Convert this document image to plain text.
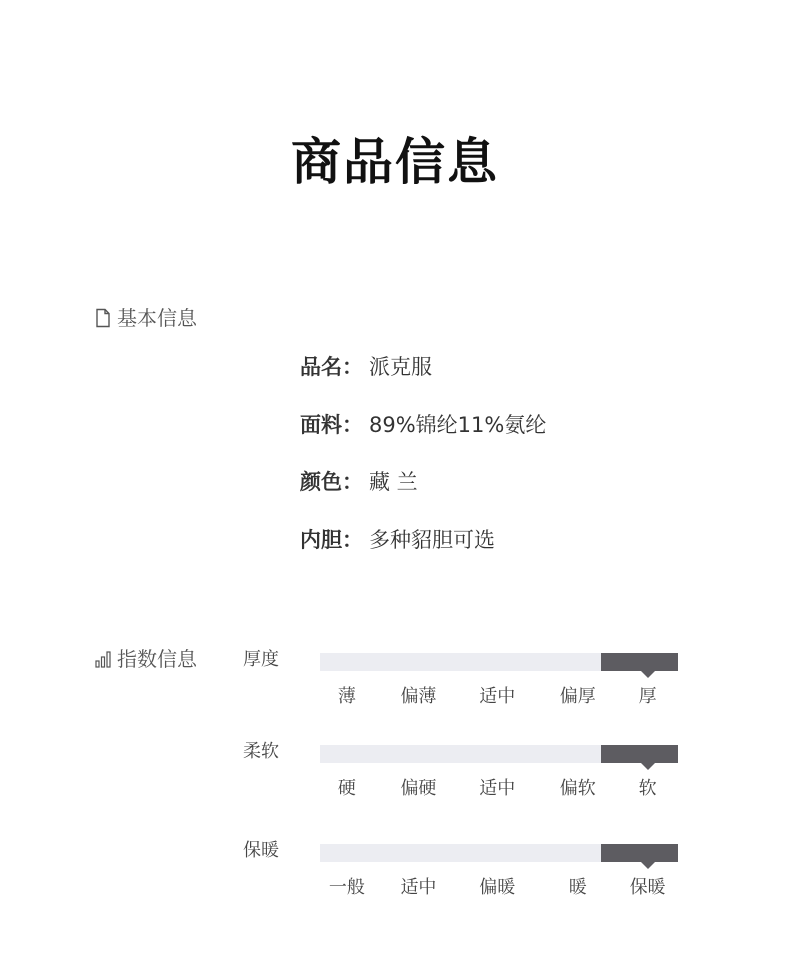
商品信息
基本信息
品名： 派克服
面料： 89%锦纶11%氨纶
颜色： 藏 兰
内胆： 多种貂胆可选
指数信息	厚度
薄 偏薄 适中 偏厚 厚
柔软
硬 偏硬 适中 偏软 软
保暖
一般 适中 偏暖	暖 保暖
